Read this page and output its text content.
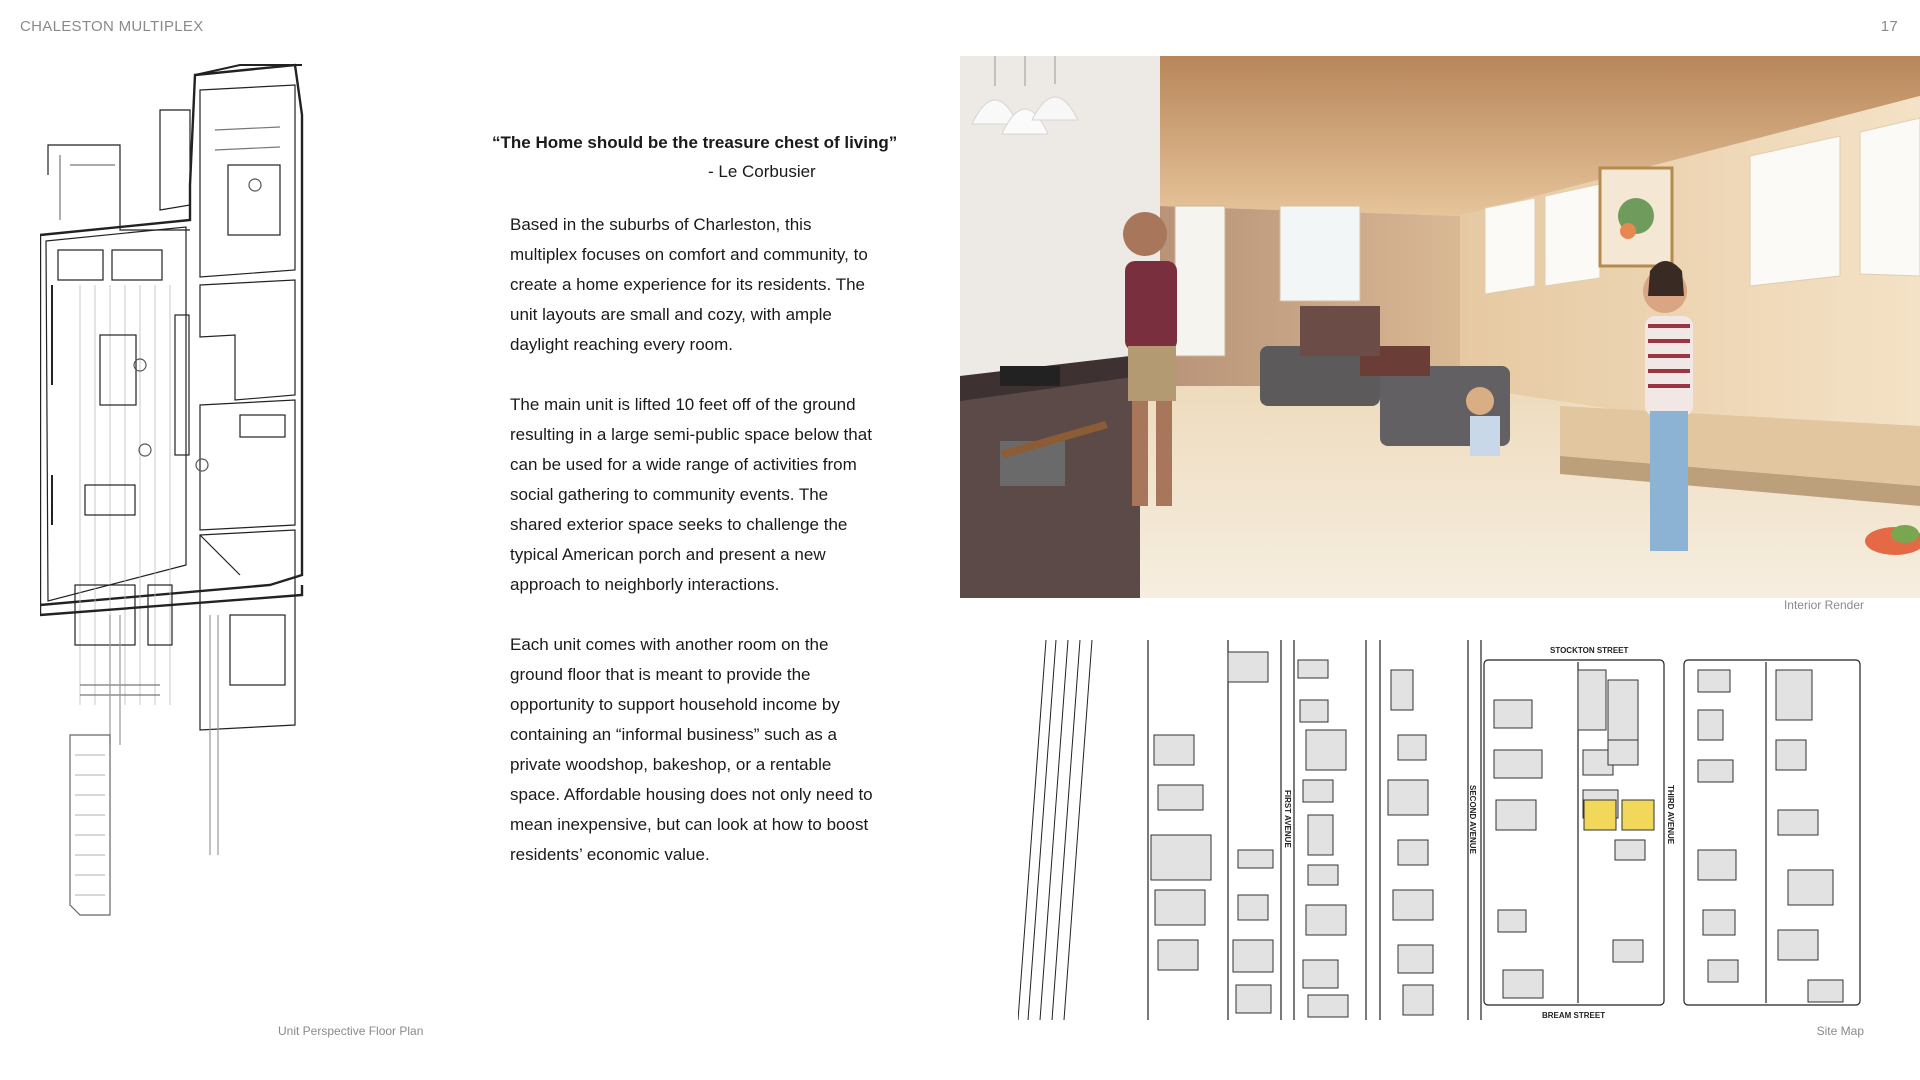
CHALESTON MULTIPLEX	17
Unit Perspective Floor Plan
“The Home should be the treasure chest of living”
- Le Corbusier

Based in the suburbs of Charleston, this multiplex focuses on comfort and community, to create a home experience for its residents. The unit layouts are small and cozy, with ample daylight reaching every room.

The main unit is lifted 10 feet off of the ground resulting in a large semi-public space below that can be used for a wide range of activities from social gathering to community events. The shared exterior space seeks to challenge the typical American porch and present a new approach to neighborly interactions.

Each unit comes with another room on the ground floor that is meant to provide the opportunity to support household income by containing an “informal business” such as a private woodshop, bakeshop, or a rentable space. Affordable housing does not only need to mean inexpensive, but can look at how to boost residents’ economic value.

Interior Render
STOCKTON STREET
BREAM STREET
FIRST AVENUE	SECOND AVENUE	THIRD AVENUE
Site Map
